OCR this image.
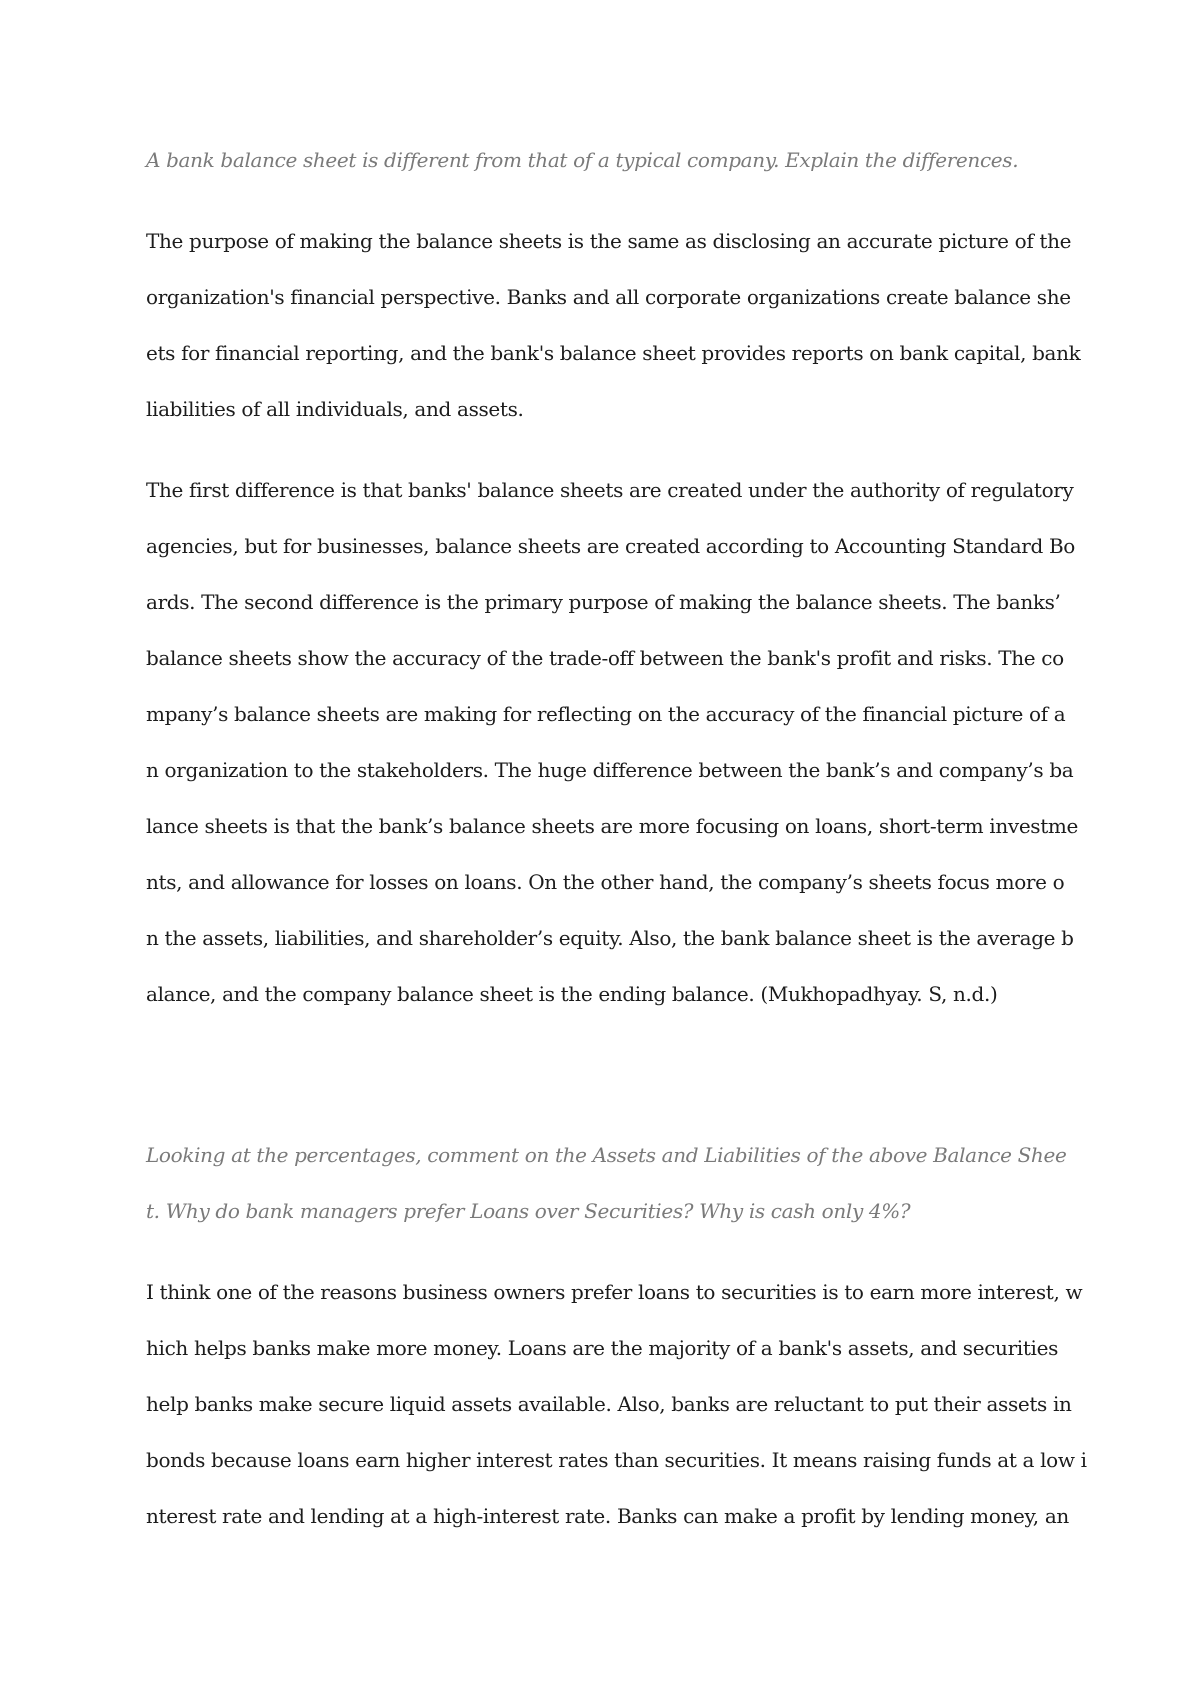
A bank balance sheet is different from that of a typical company. Explain the differences.

The purpose of making the balance sheets is the same as disclosing an accurate picture of the

organization's financial perspective. Banks and all corporate organizations create balance she

ets for financial reporting, and the bank's balance sheet provides reports on bank capital, bank

liabilities of all individuals, and assets.

The first difference is that banks' balance sheets are created under the authority of regulatory

agencies, but for businesses, balance sheets are created according to Accounting Standard Bo

ards. The second difference is the primary purpose of making the balance sheets. The banks’

balance sheets show the accuracy of the trade-off between the bank's profit and risks. The co

mpany’s balance sheets are making for reflecting on the accuracy of the financial picture of a

n organization to the stakeholders. The huge difference between the bank’s and company’s ba

lance sheets is that the bank’s balance sheets are more focusing on loans, short-term investme

nts, and allowance for losses on loans. On the other hand, the company’s sheets focus more o

n the assets, liabilities, and shareholder’s equity. Also, the bank balance sheet is the average b

alance, and the company balance sheet is the ending balance. (Mukhopadhyay. S, n.d.)

Looking at the percentages, comment on the Assets and Liabilities of the above Balance Shee

t. Why do bank managers prefer Loans over Securities? Why is cash only 4%?

I think one of the reasons business owners prefer loans to securities is to earn more interest, w

hich helps banks make more money. Loans are the majority of a bank's assets, and securities

help banks make secure liquid assets available. Also, banks are reluctant to put their assets in

bonds because loans earn higher interest rates than securities. It means raising funds at a low i

nterest rate and lending at a high-interest rate. Banks can make a profit by lending money, an
